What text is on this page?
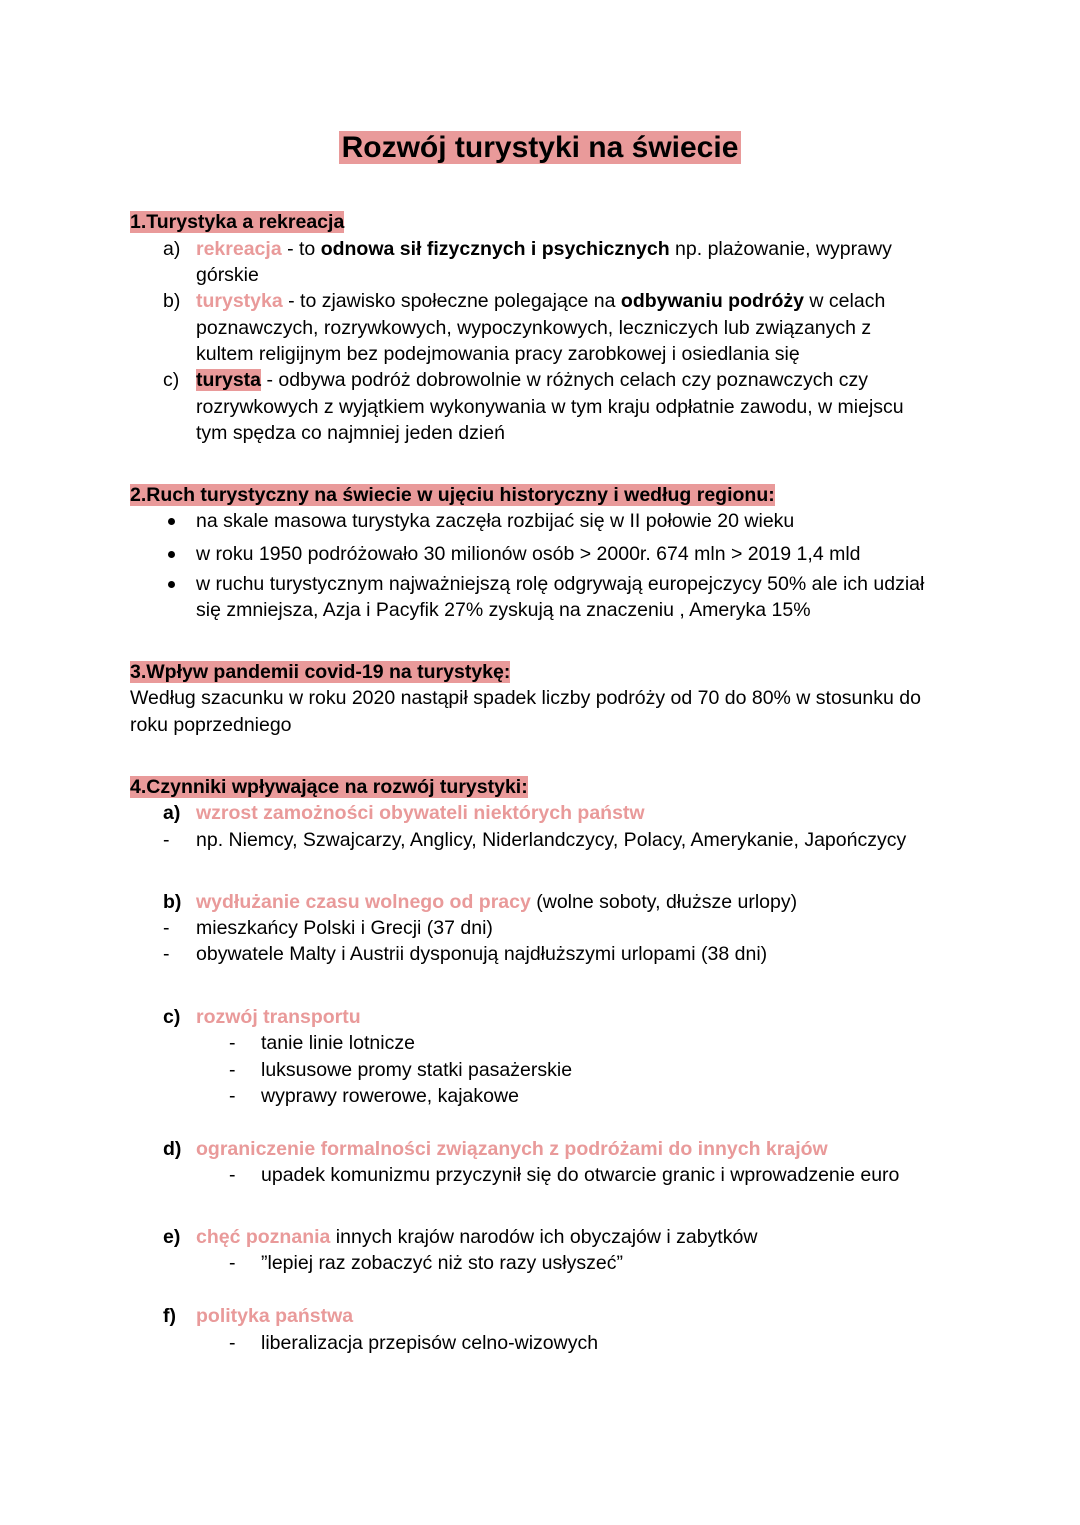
Rozwój turystyki na świecie
1.Turystyka a rekreacja
a) rekreacja - to odnowa sił fizycznych i psychicznych np. plażowanie, wyprawy
górskie
b) turystyka - to zjawisko społeczne polegające na odbywaniu podróży w celach
poznawczych, rozrywkowych, wypoczynkowych, leczniczych lub związanych z
kultem religijnym bez podejmowania pracy zarobkowej i osiedlania się
c) turysta - odbywa podróż dobrowolnie w różnych celach czy poznawczych czy
rozrywkowych z wyjątkiem wykonywania w tym kraju odpłatnie zawodu, w miejscu
tym spędza co najmniej jeden dzień
2.Ruch turystyczny na świecie w ujęciu historyczny i według regionu:
na skale masowa turystyka zaczęła rozbijać się w II połowie 20 wieku
w roku 1950 podróżowało 30 milionów osób > 2000r. 674 mln > 2019 1,4 mld
w ruchu turystycznym najważniejszą rolę odgrywają europejczycy 50% ale ich udział
się zmniejsza, Azja i Pacyfik 27% zyskują na znaczeniu , Ameryka 15%
3.Wpływ pandemii covid-19 na turystykę:
Według szacunku w roku 2020 nastąpił spadek liczby podróży od 70 do 80% w stosunku do
roku poprzedniego
4.Czynniki wpływające na rozwój turystyki:
a) wzrost zamożności obywateli niektórych państw
- np. Niemcy, Szwajcarzy, Anglicy, Niderlandczycy, Polacy, Amerykanie, Japończycy
b) wydłużanie czasu wolnego od pracy (wolne soboty, dłuższe urlopy)
- mieszkańcy Polski i Grecji (37 dni)
- obywatele Malty i Austrii dysponują najdłuższymi urlopami (38 dni)
c) rozwój transportu
- tanie linie lotnicze
- luksusowe promy statki pasażerskie
- wyprawy rowerowe, kajakowe
d) ograniczenie formalności związanych z podróżami do innych krajów
- upadek komunizmu przyczynił się do otwarcie granic i wprowadzenie euro
e) chęć poznania innych krajów narodów ich obyczajów i zabytków
- ”lepiej raz zobaczyć niż sto razy usłyszeć”
f) polityka państwa
- liberalizacja przepisów celno-wizowych
